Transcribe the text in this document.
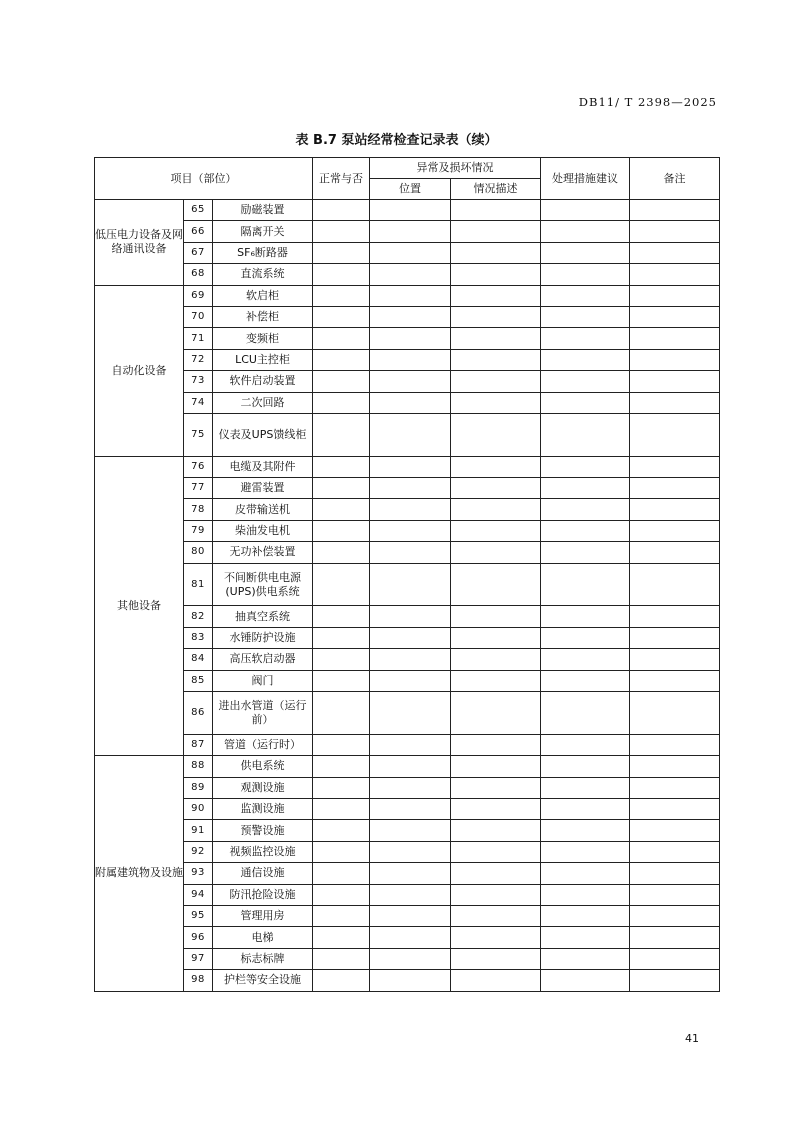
DB11/ T 2398—2025
表 B.7 泵站经常检查记录表（续）
项目（部位）			正常与否	异常及损坏情况		处理措施建议	备注
				位置	情况描述		
低压电力设备及网络通讯设备	65	励磁装置					
	66	隔离开关					
	67	SF₆断路器					
	68	直流系统					
自动化设备	69	软启柜					
	70	补偿柜					
	71	变频柜					
	72	LCU主控柜					
	73	软件启动装置					
	74	二次回路					
	75	仪表及UPS馈线柜					
其他设备	76	电缆及其附件					
	77	避雷装置					
	78	皮带输送机					
	79	柴油发电机					
	80	无功补偿装置					
	81	不间断供电电源(UPS)供电系统					
	82	抽真空系统					
	83	水锤防护设施					
	84	高压软启动器					
	85	阀门					
	86	进出水管道（运行前）					
	87	管道（运行时）					
附属建筑物及设施	88	供电系统					
	89	观测设施					
	90	监测设施					
	91	预警设施					
	92	视频监控设施					
	93	通信设施					
	94	防汛抢险设施					
	95	管理用房					
	96	电梯					
	97	标志标牌					
	98	护栏等安全设施					
41
